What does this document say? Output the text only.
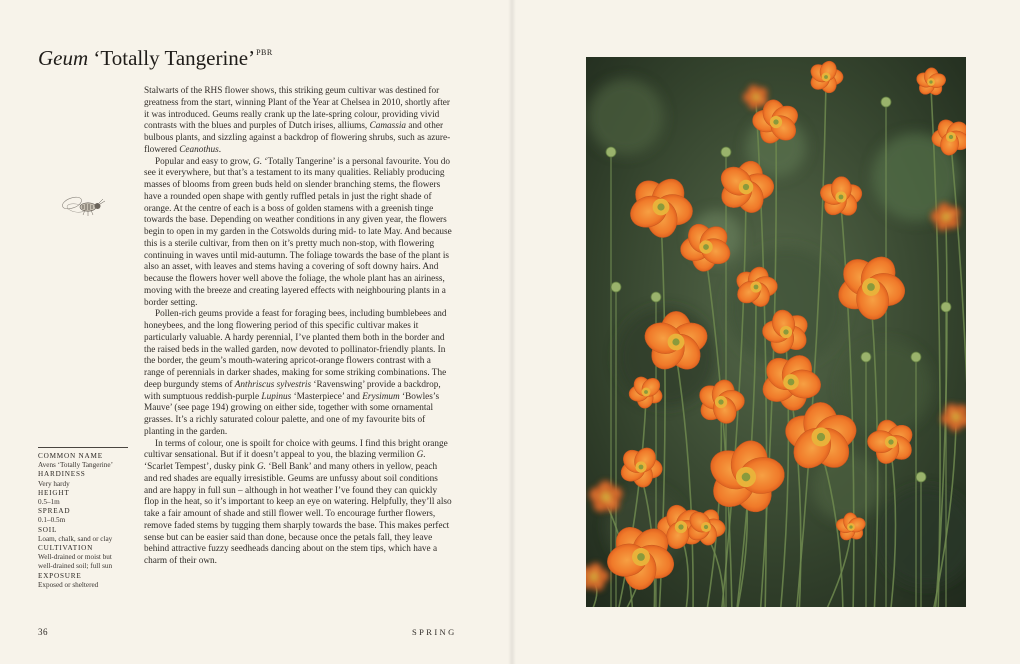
Geum ‘Totally Tangerine’$^{PBR}$

Stalwarts of the RHS flower shows, this striking geum cultivar was destined for greatness from the start, winning Plant of the Year at Chelsea in 2010, shortly after it was introduced. Geums really crank up the late-spring colour, providing vivid contrasts with the blues and purples of Dutch irises, alliums, Camassia and other bulbous plants, and sizzling against a backdrop of flowering shrubs, such as azure-flowered Ceanothus.

Popular and easy to grow, G. ‘Totally Tangerine’ is a personal favourite. You do see it everywhere, but that’s a testament to its many qualities. Reliably producing masses of blooms from green buds held on slender branching stems, the flowers have a rounded open shape with gently ruffled petals in just the right shade of orange. At the centre of each is a boss of golden stamens with a greenish tinge towards the base. Depending on weather conditions in any given year, the flowers begin to open in my garden in the Cotswolds during mid- to late May. And because this is a sterile cultivar, from then on it’s pretty much non-stop, with flowering continuing in waves until mid-autumn. The foliage towards the base of the plant is also an asset, with leaves and stems having a covering of soft downy hairs. And because the flowers hover well above the foliage, the whole plant has an airiness, moving with the breeze and creating layered effects with neighbouring plants in a border setting.

Pollen-rich geums provide a feast for foraging bees, including bumblebees and honeybees, and the long flowering period of this specific cultivar makes it particularly valuable. A hardy perennial, I’ve planted them both in the border and the raised beds in the walled garden, now devoted to pollinator-friendly plants. In the border, the geum’s mouth-watering apricot-orange flowers contrast with a range of perennials in darker shades, making for some striking combinations. The deep burgundy stems of Anthriscus sylvestris ‘Ravenswing’ provide a backdrop, with sumptuous reddish-purple Lupinus ‘Masterpiece’ and Erysimum ‘Bowles’s Mauve’ (see page 194) growing on either side, together with some ornamental grasses. It’s a richly saturated colour palette, and one of my favourite bits of planting in the garden.

In terms of colour, one is spoilt for choice with geums. I find this bright orange cultivar sensational. But if it doesn’t appeal to you, the blazing vermilion G. ‘Scarlet Tempest’, dusky pink G. ‘Bell Bank’ and many others in yellow, peach and red shades are equally irresistible. Geums are unfussy about soil conditions and are happy in full sun – although in hot weather I’ve found they can quickly flop in the heat, so it’s important to keep an eye on watering. Helpfully, they’ll also take a fair amount of shade and still flower well. To encourage further flowers, remove faded stems by tugging them sharply towards the base. This makes perfect sense but can be easier said than done, because once the petals fall, they leave behind attractive fuzzy seedheads dancing about on the stem tips, which have a charm of their own.

COMMON NAME
Avens ‘Totally Tangerine’
HARDINESS
Very hardy
HEIGHT
0.5–1m
SPREAD
0.1–0.5m
SOIL
Loam, chalk, sand or clay
CULTIVATION
Well-drained or moist but well-drained soil; full sun
EXPOSURE
Exposed or sheltered
36	SPRING
